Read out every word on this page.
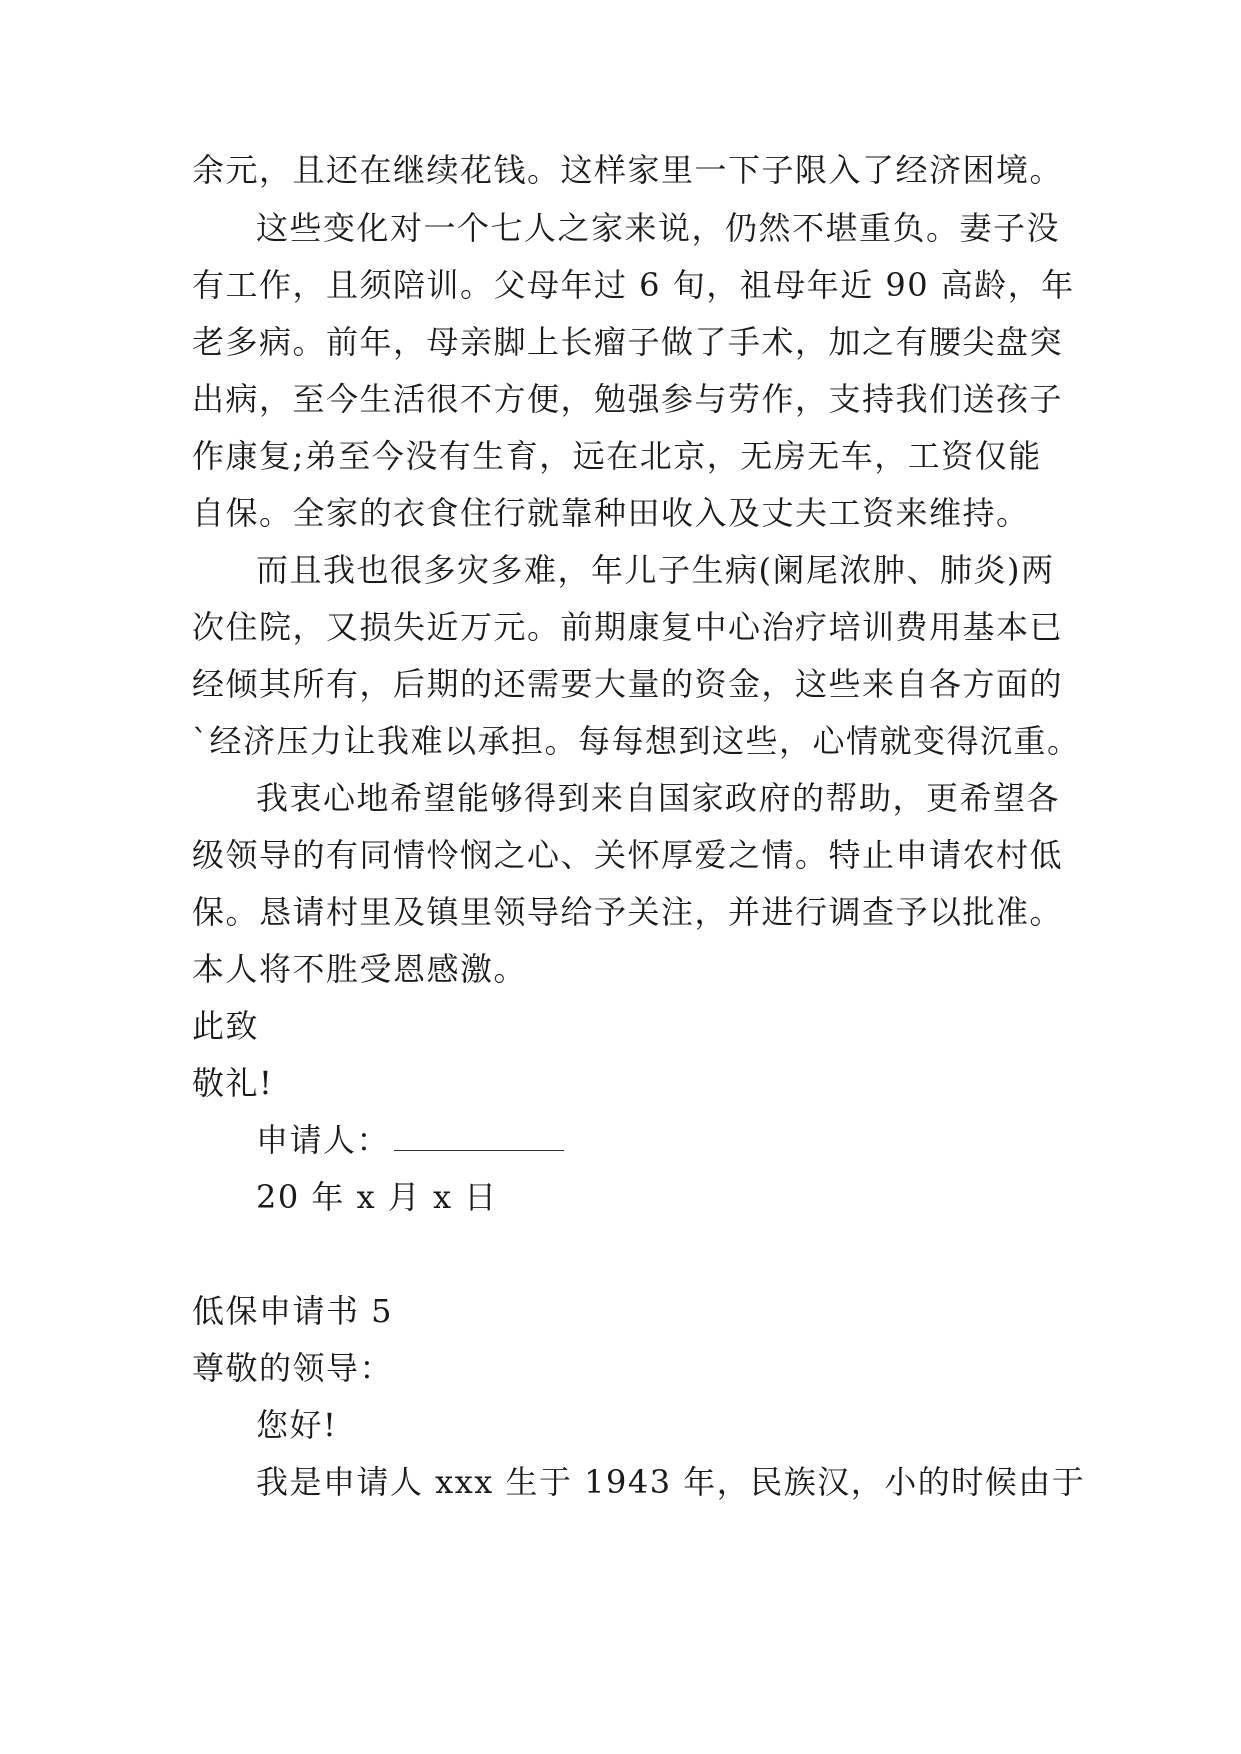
余元，且还在继续花钱。这样家里一下子限入了经济困境。
这些变化对一个七人之家来说，仍然不堪重负。妻子没
有工作，且须陪训。父母年过 6 旬，祖母年近 90 高龄，年
老多病。前年，母亲脚上长瘤子做了手术，加之有腰尖盘突
出病，至今生活很不方便，勉强参与劳作，支持我们送孩子
作康复;弟至今没有生育，远在北京，无房无车，工资仅能
自保。全家的衣食住行就靠种田收入及丈夫工资来维持。
而且我也很多灾多难，年儿子生病(阑尾浓肿、肺炎)两
次住院，又损失近万元。前期康复中心治疗培训费用基本已
经倾其所有，后期的还需要大量的资金，这些来自各方面的
`经济压力让我难以承担。每每想到这些，心情就变得沉重。
我衷心地希望能够得到来自国家政府的帮助，更希望各
级领导的有同情怜悯之心、关怀厚爱之情。特止申请农村低
保。恳请村里及镇里领导给予关注，并进行调查予以批准。
本人将不胜受恩感激。
此致
敬礼!
申请人：
20 年 x 月 x 日
低保申请书 5
尊敬的领导：
您好!
我是申请人 xxx 生于 1943 年，民族汉，小的时候由于
